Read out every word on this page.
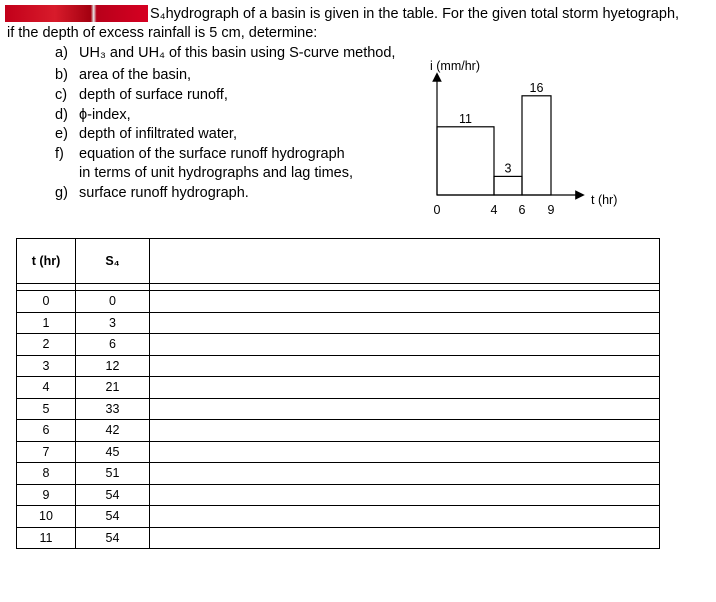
S₄hydrograph of a basin is given in the table. For the given total storm hyetograph,
if the depth of excess rainfall is 5 cm, determine:
a) UH₃ and UH₄ of this basin using S-curve method,
b) area of the basin,
c) depth of surface runoff,
d) ϕ-index,
e) depth of infiltrated water,
f) equation of the surface runoff hydrograph
in terms of unit hydrographs and lag times,
g) surface runoff hydrograph.
i (mm/hr)
t (hr)
11
3
16
0	4 6 9
t (hr)	S₄	

0	0	
1	3	
2	6	
3	12	
4	21	
5	33	
6	42	
7	45	
8	51	
9	54	
10	54	
11	54	
